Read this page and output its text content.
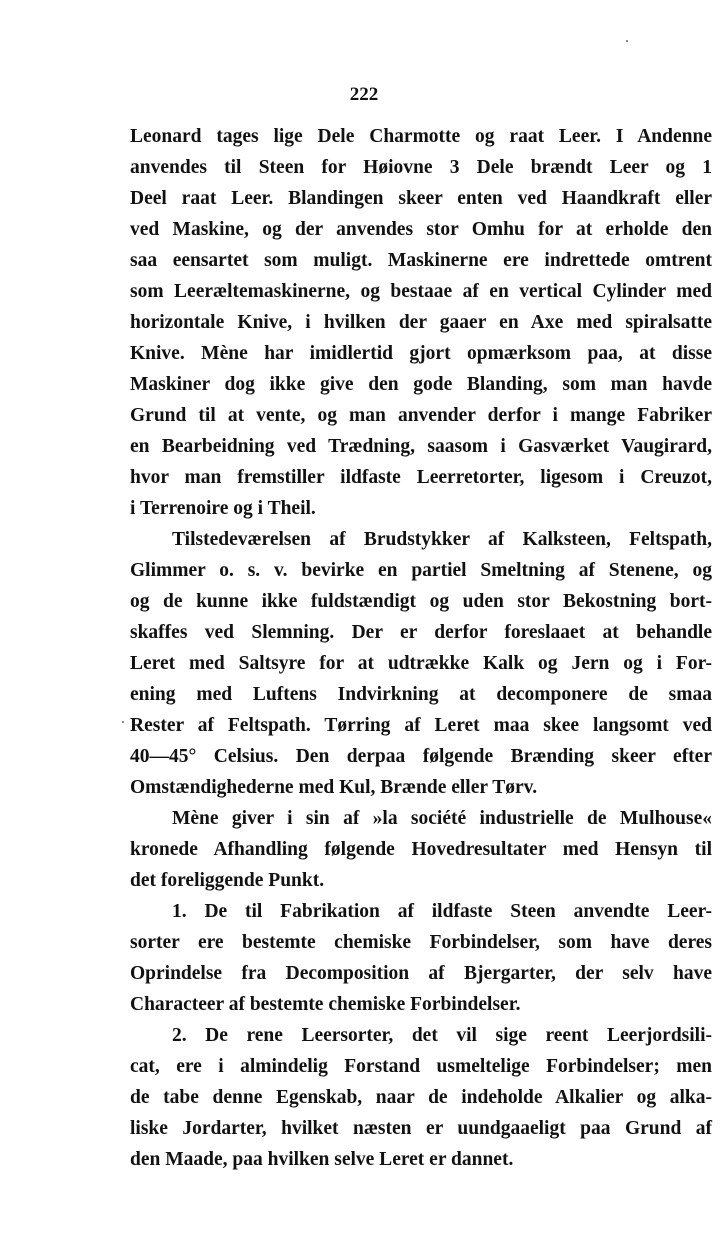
222
Leonard tages lige Dele Charmotte og raat Leer. I Andenne
anvendes til Steen for Høiovne 3 Dele brændt Leer og 1
Deel raat Leer. Blandingen skeer enten ved Haandkraft eller
ved Maskine, og der anvendes stor Omhu for at erholde den
saa eensartet som muligt. Maskinerne ere indrettede omtrent
som Leeræltemaskinerne, og bestaae af en vertical Cylinder med
horizontale Knive, i hvilken der gaaer en Axe med spiralsatte
Knive. Mène har imidlertid gjort opmærksom paa, at disse
Maskiner dog ikke give den gode Blanding, som man havde
Grund til at vente, og man anvender derfor i mange Fabriker
en Bearbeidning ved Trædning, saasom i Gasværket Vaugirard,
hvor man fremstiller ildfaste Leerretorter, ligesom i Creuzot,
i Terrenoire og i Theil.
Tilstedeværelsen af Brudstykker af Kalksteen, Feltspath,
Glimmer o. s. v. bevirke en partiel Smeltning af Stenene, og
og de kunne ikke fuldstændigt og uden stor Bekostning bort-
skaffes ved Slemning. Der er derfor foreslaaet at behandle
Leret med Saltsyre for at udtrække Kalk og Jern og i For-
ening med Luftens Indvirkning at decomponere de smaa
Rester af Feltspath. Tørring af Leret maa skee langsomt ved
40—45° Celsius. Den derpaa følgende Brænding skeer efter
Omstændighederne med Kul, Brænde eller Tørv.
Mène giver i sin af »la société industrielle de Mulhouse«
kronede Afhandling følgende Hovedresultater med Hensyn til
det foreliggende Punkt.
1. De til Fabrikation af ildfaste Steen anvendte Leer-
sorter ere bestemte chemiske Forbindelser, som have deres
Oprindelse fra Decomposition af Bjergarter, der selv have
Characteer af bestemte chemiske Forbindelser.
2. De rene Leersorter, det vil sige reent Leerjordsili-
cat, ere i almindelig Forstand usmeltelige Forbindelser; men
de tabe denne Egenskab, naar de indeholde Alkalier og alka-
liske Jordarter, hvilket næsten er uundgaaeligt paa Grund af
den Maade, paa hvilken selve Leret er dannet.
